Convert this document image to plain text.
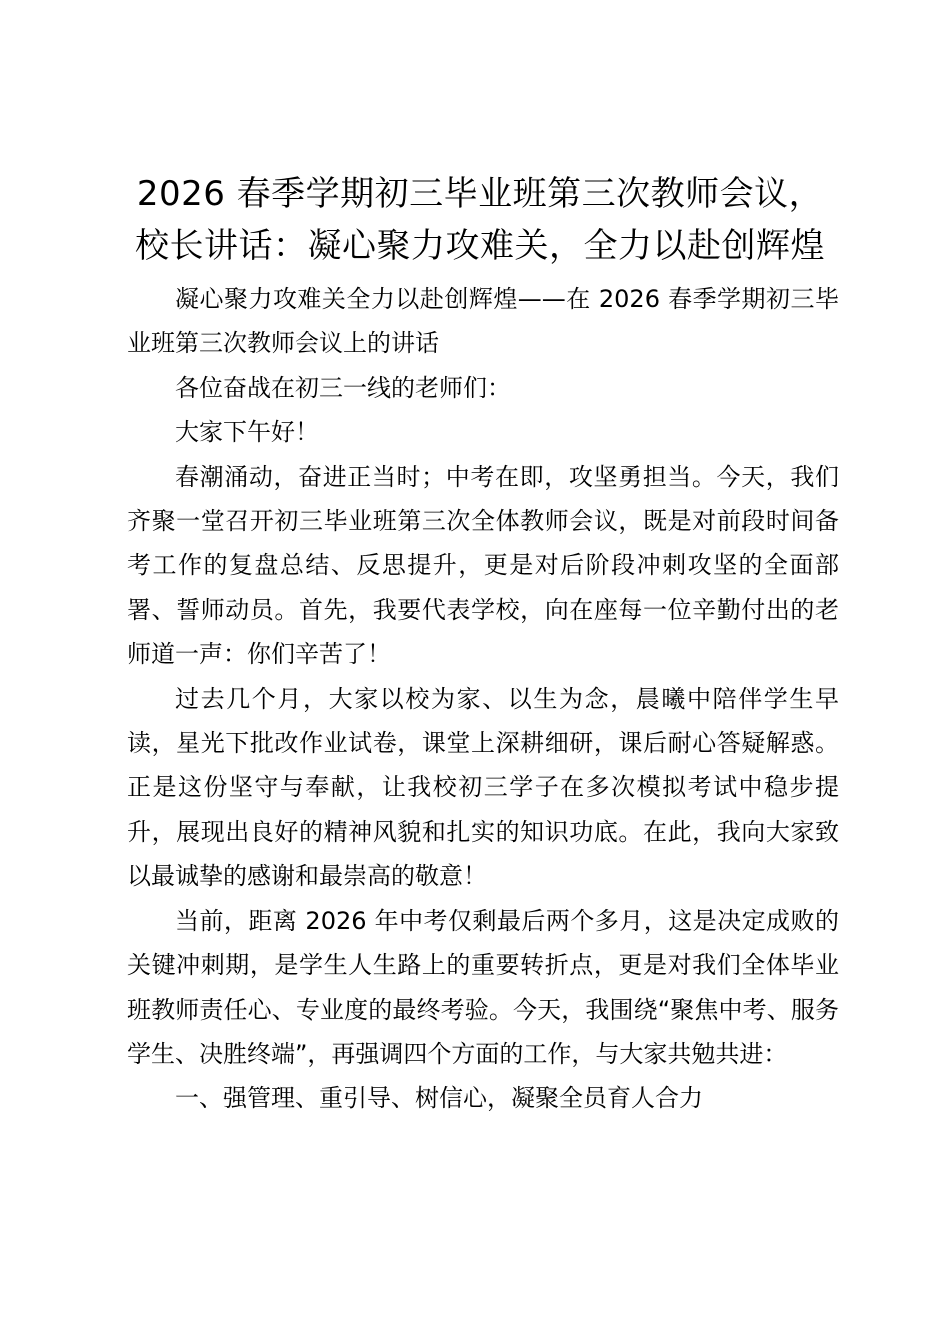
2026 春季学期初三毕业班第三次教师会议，
校长讲话：凝心聚力攻难关，全力以赴创辉煌

凝心聚力攻难关全力以赴创辉煌——在 2026 春季学期初三毕业班第三次教师会议上的讲话

各位奋战在初三一线的老师们：

大家下午好！

春潮涌动，奋进正当时；中考在即，攻坚勇担当。今天，我们齐聚一堂召开初三毕业班第三次全体教师会议，既是对前段时间备考工作的复盘总结、反思提升，更是对后阶段冲刺攻坚的全面部署、誓师动员。首先，我要代表学校，向在座每一位辛勤付出的老师道一声：你们辛苦了！

过去几个月，大家以校为家、以生为念，晨曦中陪伴学生早读，星光下批改作业试卷，课堂上深耕细研，课后耐心答疑解惑。正是这份坚守与奉献，让我校初三学子在多次模拟考试中稳步提升，展现出良好的精神风貌和扎实的知识功底。在此，我向大家致以最诚挚的感谢和最崇高的敬意！

当前，距离 2026 年中考仅剩最后两个多月，这是决定成败的关键冲刺期，是学生人生路上的重要转折点，更是对我们全体毕业班教师责任心、专业度的最终考验。今天，我围绕“聚焦中考、服务学生、决胜终端”，再强调四个方面的工作，与大家共勉共进：

一、强管理、重引导、树信心，凝聚全员育人合力
